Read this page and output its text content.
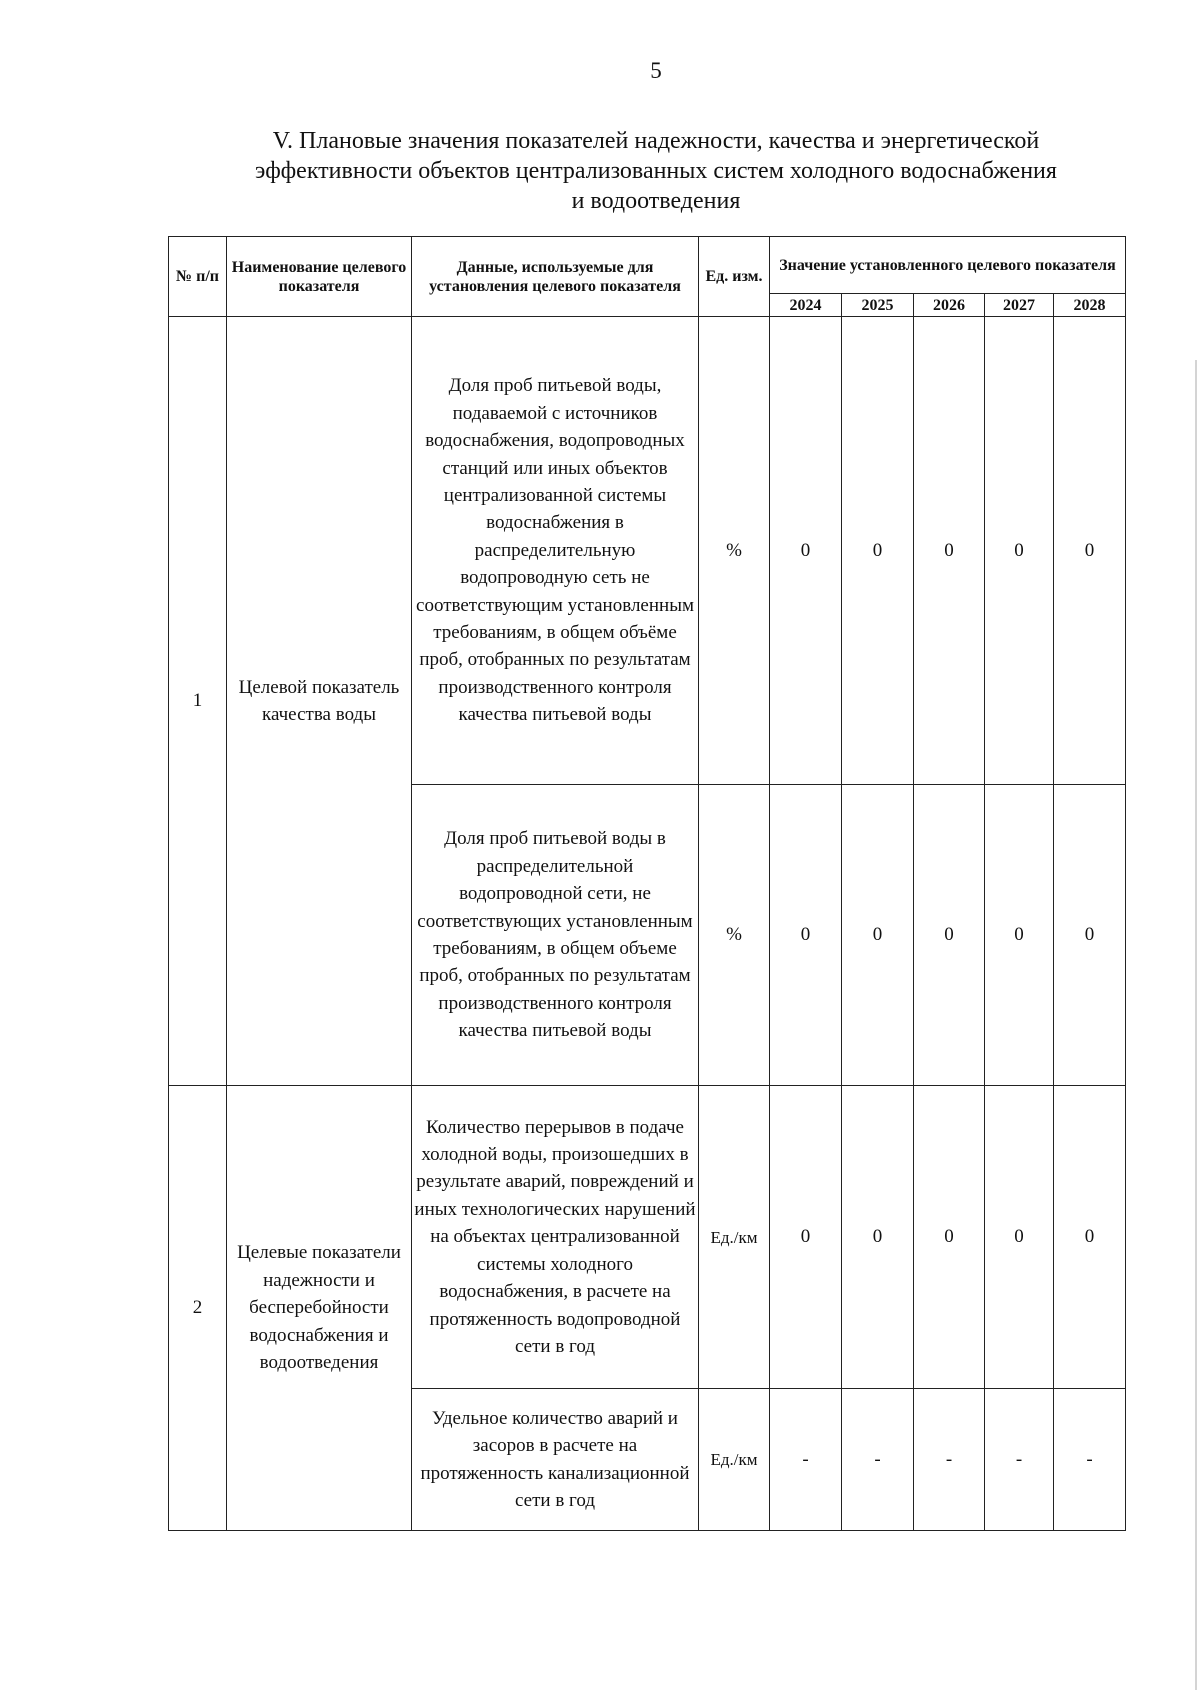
5
V. Плановые значения показателей надежности, качества и энергетической
эффективности объектов централизованных систем холодного водоснабжения
и водоотведения
№ п/п	Наименование целевого показателя	Данные, используемые для установления целевого показателя	Ед. изм.	Значение установленного целевого показателя				
				2024	2025	2026	2027	2028
1	Целевой показатель качества воды	Доля проб питьевой воды, подаваемой с источников водоснабжения, водопроводных станций или иных объектов централизованной системы водоснабжения в распределительную водопроводную сеть не соответствующим установленным требованиям, в общем объёме проб, отобранных по результатам производственного контроля качества питьевой воды	%	0	0	0	0	0
		Доля проб питьевой воды в распределительной водопроводной сети, не соответствующих установленным требованиям, в общем объеме проб, отобранных по результатам производственного контроля качества питьевой воды	%	0	0	0	0	0
2	Целевые показатели надежности и бесперебойности водоснабжения и водоотведения	Количество перерывов в подаче холодной воды, произошедших в результате аварий, повреждений и иных технологических нарушений на объектах централизованной системы холодного водоснабжения, в расчете на протяженность водопроводной сети в год	Ед./км	0	0	0	0	0
		Удельное количество аварий и засоров в расчете на протяженность канализационной сети в год	Ед./км	-	-	-	-	-
